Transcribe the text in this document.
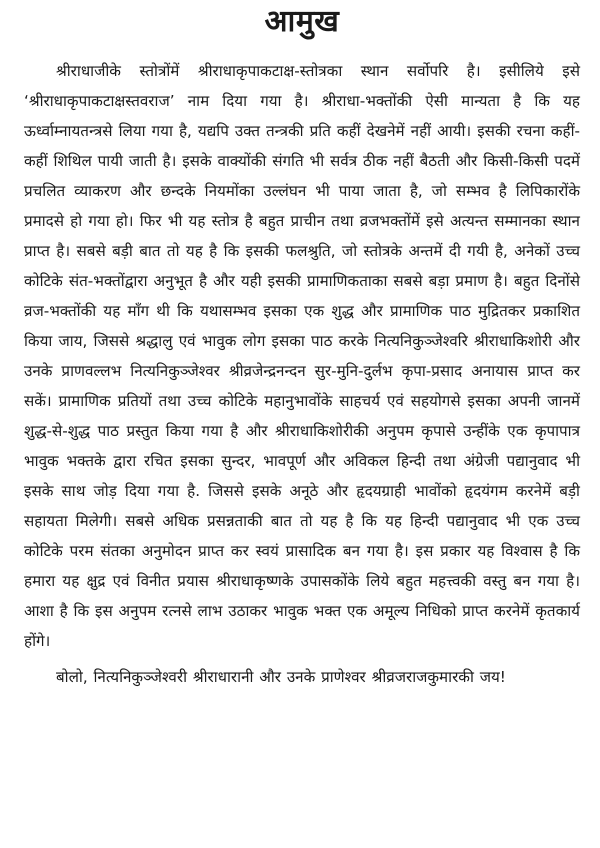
आमुख

श्रीराधाजीके स्तोत्रोंमें श्रीराधाकृपाकटाक्ष-स्तोत्रका स्थान सर्वोपरि है। इसीलिये इसे ‘श्रीराधाकृपाकटाक्षस्तवराज’ नाम दिया गया है। श्रीराधा-भक्तोंकी ऐसी मान्यता है कि यह ऊर्ध्वाम्नायतन्त्रसे लिया गया है, यद्यपि उक्त तन्त्रकी प्रति कहीं देखनेमें नहीं आयी। इसकी रचना कहीं-कहीं शिथिल पायी जाती है। इसके वाक्योंकी संगति भी सर्वत्र ठीक नहीं बैठती और किसी-किसी पदमें प्रचलित व्याकरण और छन्दके नियमोंका उल्लंघन भी पाया जाता है, जो सम्भव है लिपिकारोंके प्रमादसे हो गया हो। फिर भी यह स्तोत्र है बहुत प्राचीन तथा व्रजभक्तोंमें इसे अत्यन्त सम्मानका स्थान प्राप्त है। सबसे बड़ी बात तो यह है कि इसकी फलश्रुति, जो स्तोत्रके अन्तमें दी गयी है, अनेकों उच्च कोटिके संत-भक्तोंद्वारा अनुभूत है और यही इसकी प्रामाणिकताका सबसे बड़ा प्रमाण है। बहुत दिनोंसे व्रज-भक्तोंकी यह माँग थी कि यथासम्भव इसका एक शुद्ध और प्रामाणिक पाठ मुद्रितकर प्रकाशित किया जाय, जिससे श्रद्धालु एवं भावुक लोग इसका पाठ करके नित्यनिकुञ्जेश्वरि श्रीराधाकिशोरी और उनके प्राणवल्लभ नित्यनिकुञ्जेश्वर श्रीव्रजेन्द्रनन्दन सुर-मुनि-दुर्लभ कृपा-प्रसाद अनायास प्राप्त कर सकें। प्रामाणिक प्रतियों तथा उच्च कोटिके महानुभावोंके साहचर्य एवं सहयोगसे इसका अपनी जानमें शुद्ध-से-शुद्ध पाठ प्रस्तुत किया गया है और श्रीराधाकिशोरीकी अनुपम कृपासे उन्हींके एक कृपापात्र भावुक भक्तके द्वारा रचित इसका सुन्दर, भावपूर्ण और अविकल हिन्दी तथा अंग्रेजी पद्यानुवाद भी इसके साथ जोड़ दिया गया है. जिससे इसके अनूठे और हृदयग्राही भावोंको हृदयंगम करनेमें बड़ी सहायता मिलेगी। सबसे अधिक प्रसन्नताकी बात तो यह है कि यह हिन्दी पद्यानुवाद भी एक उच्च कोटिके परम संतका अनुमोदन प्राप्त कर स्वयं प्रासादिक बन गया है। इस प्रकार यह विश्वास है कि हमारा यह क्षुद्र एवं विनीत प्रयास श्रीराधाकृष्णके उपासकोंके लिये बहुत महत्त्वकी वस्तु बन गया है। आशा है कि इस अनुपम रत्नसे लाभ उठाकर भावुक भक्त एक अमूल्य निधिको प्राप्त करनेमें कृतकार्य होंगे।

बोलो, नित्यनिकुञ्जेश्वरी श्रीराधारानी और उनके प्राणेश्वर श्रीव्रजराजकुमारकी जय!
